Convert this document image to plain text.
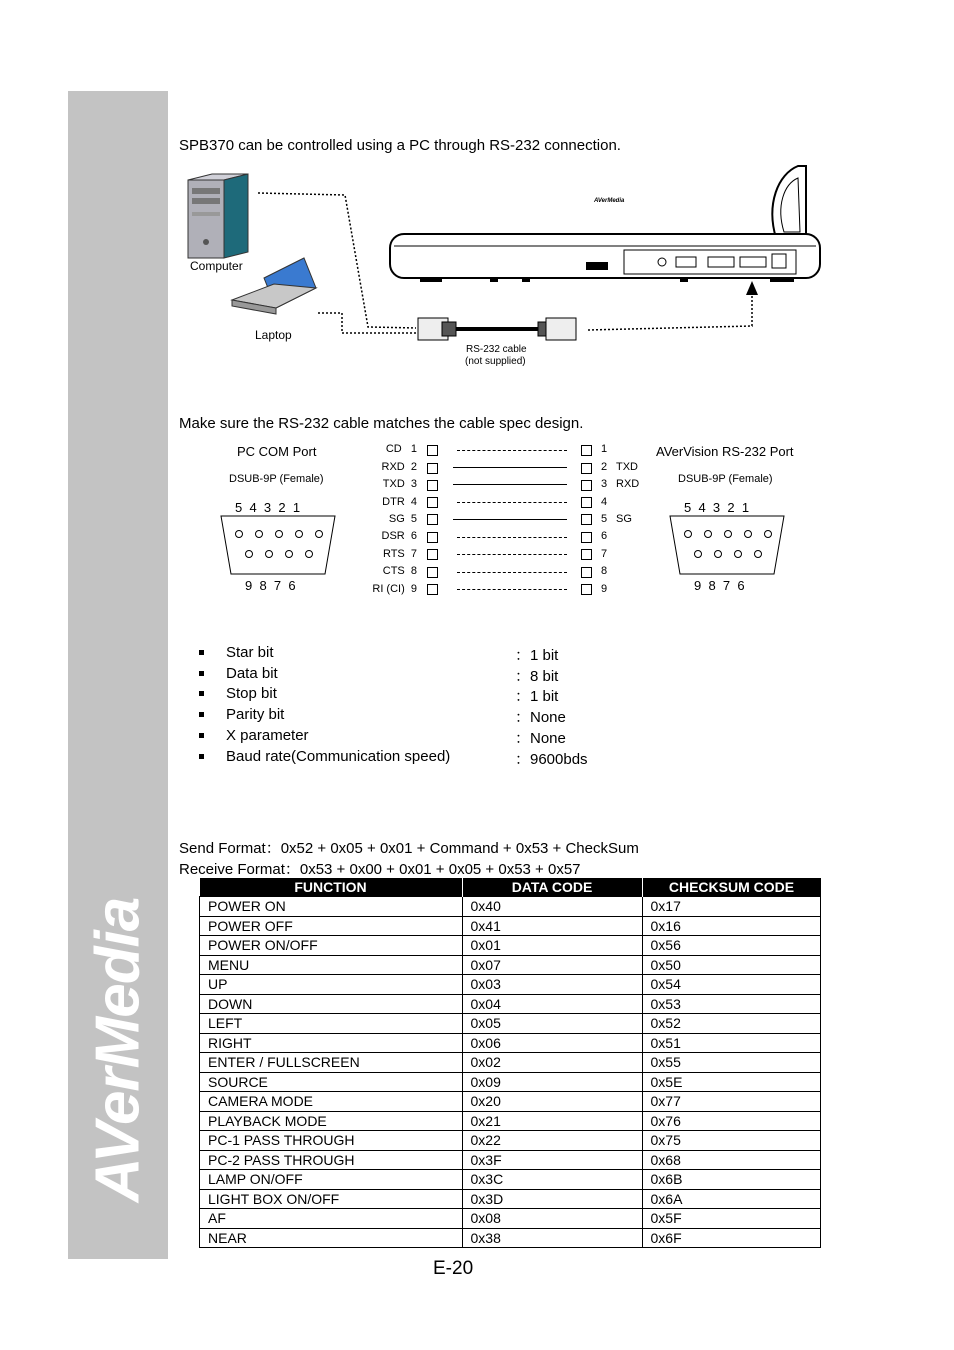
AVerMedia
SPB370 can be controlled using a PC through RS-232 connection.
AVerMedia
Computer
Laptop
RS-232 cable
(not supplied)
Make sure the RS-232 cable matches the cable spec design.
PC COM Port
DSUB-9P (Female)
5  4  3  2  1
9  8  7  6
AVerVision RS-232 Port
DSUB-9P (Female)
5  4  3  2  1
9  8  7  6
CD   1	1
RXD  2	2 TXD
TXD  3	3 RXD
DTR  4	4
SG  5	5 SG
DSR  6	6
RTS  7	7
CTS  8	8
RI (CI)  9	9
Star bit	：1 bit
Data bit	：8 bit
Stop bit	：1 bit
Parity bit	：None
X parameter	：None
Baud rate(Communication speed)	：9600bds
Send Format：0x52 + 0x05 + 0x01 + Command + 0x53 + CheckSum
Receive Format：0x53 + 0x00 + 0x01 + 0x05 + 0x53 + 0x57
FUNCTION	DATA CODE	CHECKSUM CODE
POWER ON	0x40	0x17
POWER OFF	0x41	0x16
POWER ON/OFF	0x01	0x56
MENU	0x07	0x50
UP	0x03	0x54
DOWN	0x04	0x53
LEFT	0x05	0x52
RIGHT	0x06	0x51
ENTER / FULLSCREEN	0x02	0x55
SOURCE	0x09	0x5E
CAMERA MODE	0x20	0x77
PLAYBACK MODE	0x21	0x76
PC-1 PASS THROUGH	0x22	0x75
PC-2 PASS THROUGH	0x3F	0x68
LAMP ON/OFF	0x3C	0x6B
LIGHT BOX ON/OFF	0x3D	0x6A
AF	0x08	0x5F
NEAR	0x38	0x6F
E-20
